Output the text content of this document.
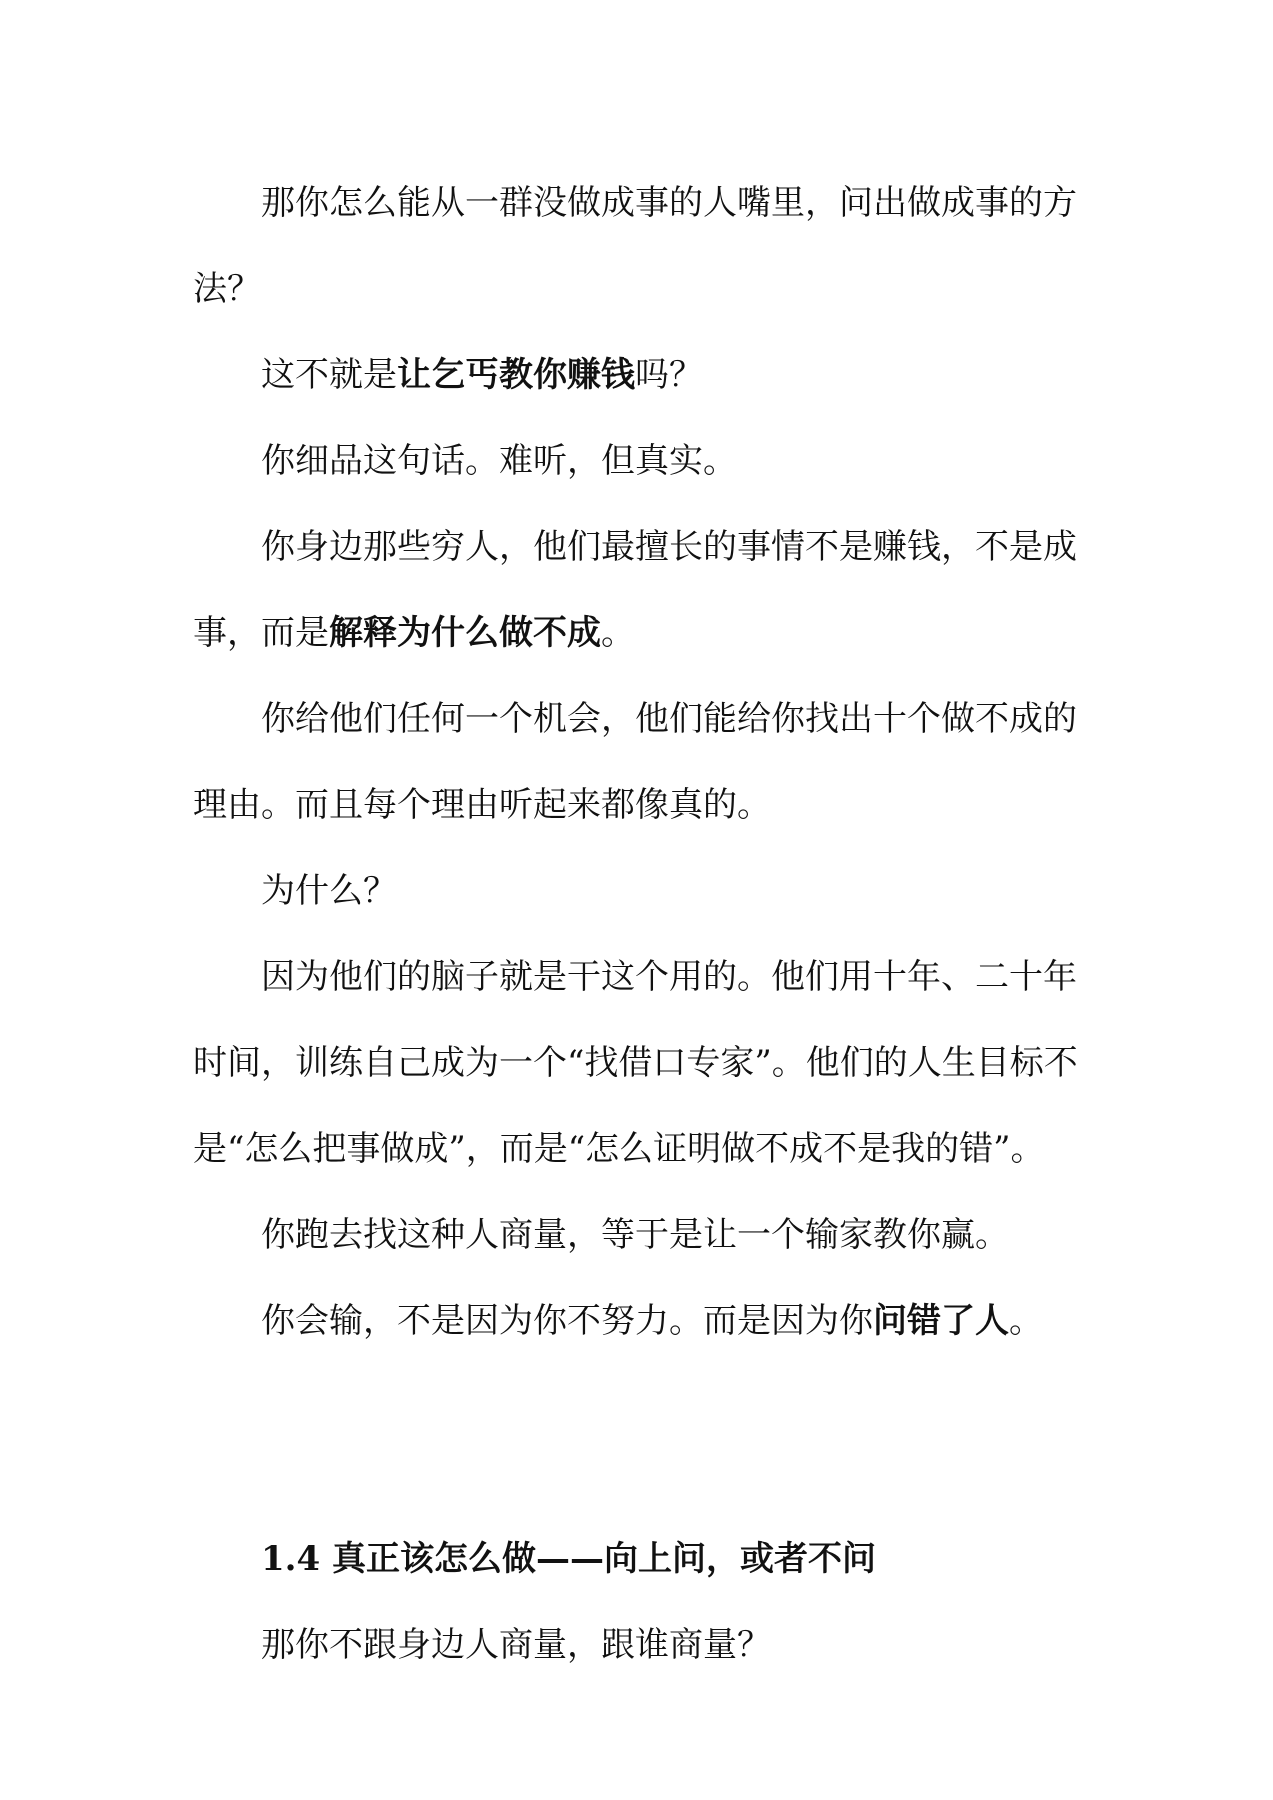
那你怎么能从一群没做成事的人嘴里，问出做成事的方法？

这不就是让乞丐教你赚钱吗？

你细品这句话。难听，但真实。

你身边那些穷人，他们最擅长的事情不是赚钱，不是成事，而是解释为什么做不成。

你给他们任何一个机会，他们能给你找出十个做不成的理由。而且每个理由听起来都像真的。

为什么？

因为他们的脑子就是干这个用的。他们用十年、二十年时间，训练自己成为一个“找借口专家”。他们的人生目标不是“怎么把事做成”，而是“怎么证明做不成不是我的错”。

你跑去找这种人商量，等于是让一个输家教你赢。

你会输，不是因为你不努力。而是因为你问错了人。

1.4 真正该怎么做——向上问，或者不问

那你不跟身边人商量，跟谁商量？
